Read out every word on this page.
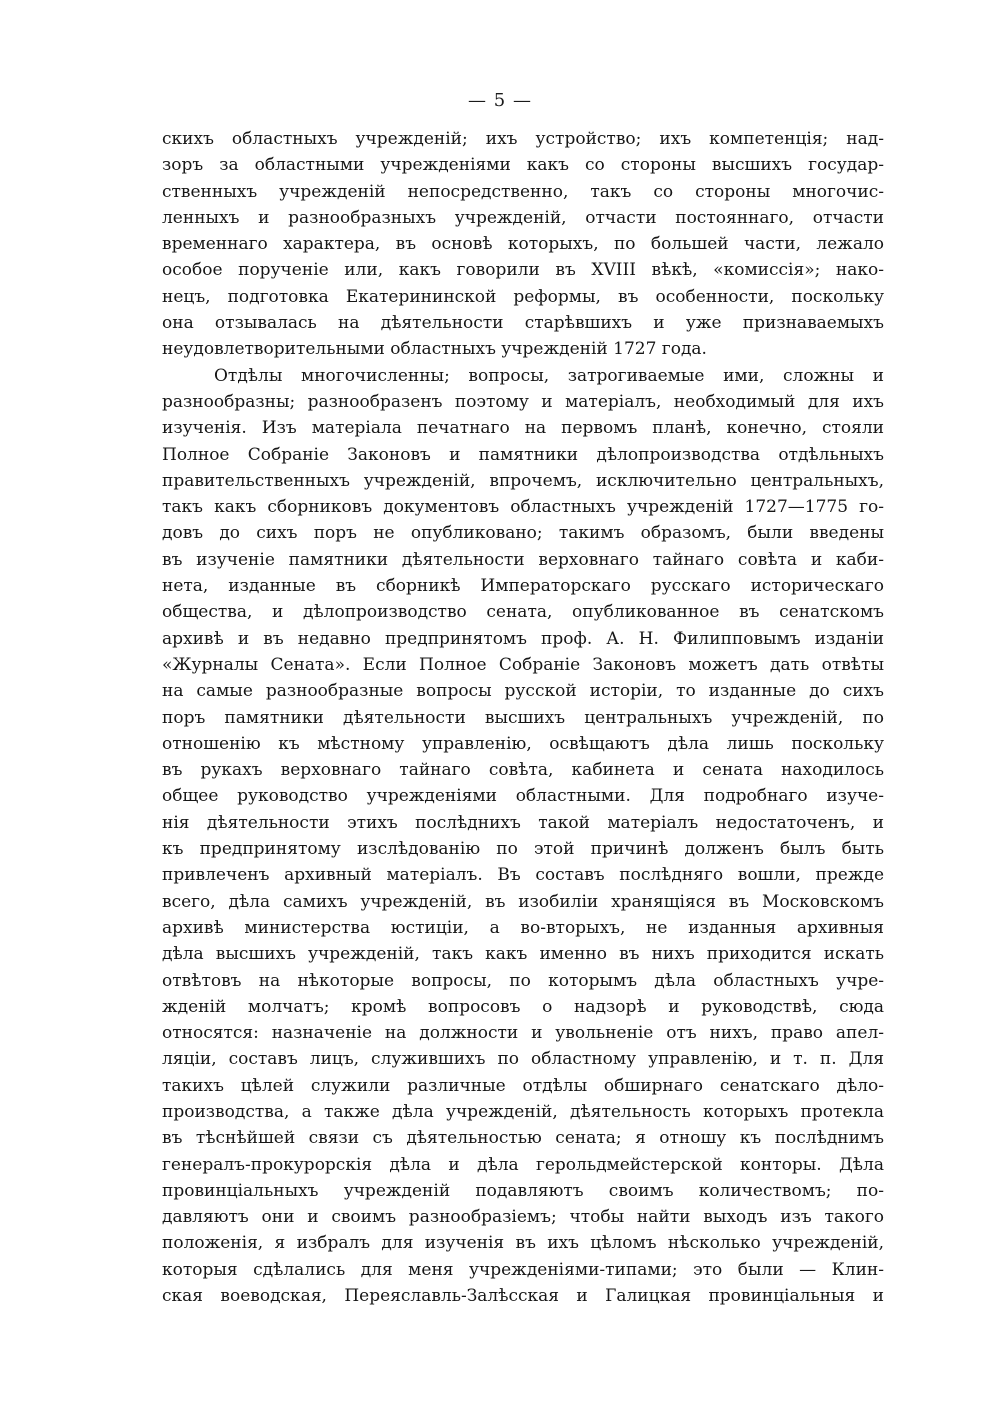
— 5 —
скихъ областныхъ учрежденій; ихъ устройство; ихъ компетенція; над-
зоръ за областными учрежденіями какъ со стороны высшихъ государ-
ственныхъ учрежденій непосредственно, такъ со стороны многочис-
ленныхъ и разнообразныхъ учрежденій, отчасти постояннаго, отчасти
временнаго характера, въ основѣ которыхъ, по большей части, лежало
особое порученіе или, какъ говорили въ XVIII вѣкѣ, «комиссія»; нако-
нецъ, подготовка Екатерининской реформы, въ особенности, поскольку
она отзывалась на дѣятельности старѣвшихъ и уже признаваемыхъ
неудовлетворительными областныхъ учрежденій 1727 года.
Отдѣлы многочисленны; вопросы, затрогиваемые ими, сложны и
разнообразны; разнообразенъ поэтому и матеріалъ, необходимый для ихъ
изученія. Изъ матеріала печатнаго на первомъ планѣ, конечно, стояли
Полное Собраніе Законовъ и памятники дѣлопроизводства отдѣльныхъ
правительственныхъ учрежденій, впрочемъ, исключительно центральныхъ,
такъ какъ сборниковъ документовъ областныхъ учрежденій 1727—1775 го-
довъ до сихъ поръ не опубликовано; такимъ образомъ, были введены
въ изученіе памятники дѣятельности верховнаго тайнаго совѣта и каби-
нета, изданные въ сборникѣ Императорскаго русскаго историческаго
общества, и дѣлопроизводство сената, опубликованное въ сенатскомъ
архивѣ и въ недавно предпринятомъ проф. А. Н. Филипповымъ изданіи
«Журналы Сената». Если Полное Собраніе Законовъ можетъ дать отвѣты
на самые разнообразные вопросы русской исторіи, то изданные до сихъ
поръ памятники дѣятельности высшихъ центральныхъ учрежденій, по
отношенію къ мѣстному управленію, освѣщаютъ дѣла лишь поскольку
въ рукахъ верховнаго тайнаго совѣта, кабинета и сената находилось
общее руководство учрежденіями областными. Для подробнаго изуче-
нія дѣятельности этихъ послѣднихъ такой матеріалъ недостаточенъ, и
къ предпринятому изслѣдованію по этой причинѣ долженъ былъ быть
привлеченъ архивный матеріалъ. Въ составъ послѣдняго вошли, прежде
всего, дѣла самихъ учрежденій, въ изобиліи хранящіяся въ Московскомъ
архивѣ министерства юстиціи, а во-вторыхъ, не изданныя архивныя
дѣла высшихъ учрежденій, такъ какъ именно въ нихъ приходится искать
отвѣтовъ на нѣкоторые вопросы, по которымъ дѣла областныхъ учре-
жденій молчатъ; кромѣ вопросовъ о надзорѣ и руководствѣ, сюда
относятся: назначеніе на должности и увольненіе отъ нихъ, право апел-
ляціи, составъ лицъ, служившихъ по областному управленію, и т. п. Для
такихъ цѣлей служили различные отдѣлы обширнаго сенатскаго дѣло-
производства, а также дѣла учрежденій, дѣятельность которыхъ протекла
въ тѣснѣйшей связи съ дѣятельностью сената; я отношу къ послѣднимъ
генералъ-прокурорскія дѣла и дѣла герольдмейстерской конторы. Дѣла
провинціальныхъ учрежденій подавляютъ своимъ количествомъ; по-
давляютъ они и своимъ разнообразіемъ; чтобы найти выходъ изъ такого
положенія, я избралъ для изученія въ ихъ цѣломъ нѣсколько учрежденій,
которыя сдѣлались для меня учрежденіями-типами; это были — Клин-
ская воеводская, Переяславль-Залѣсская и Галицкая провинціальныя и
